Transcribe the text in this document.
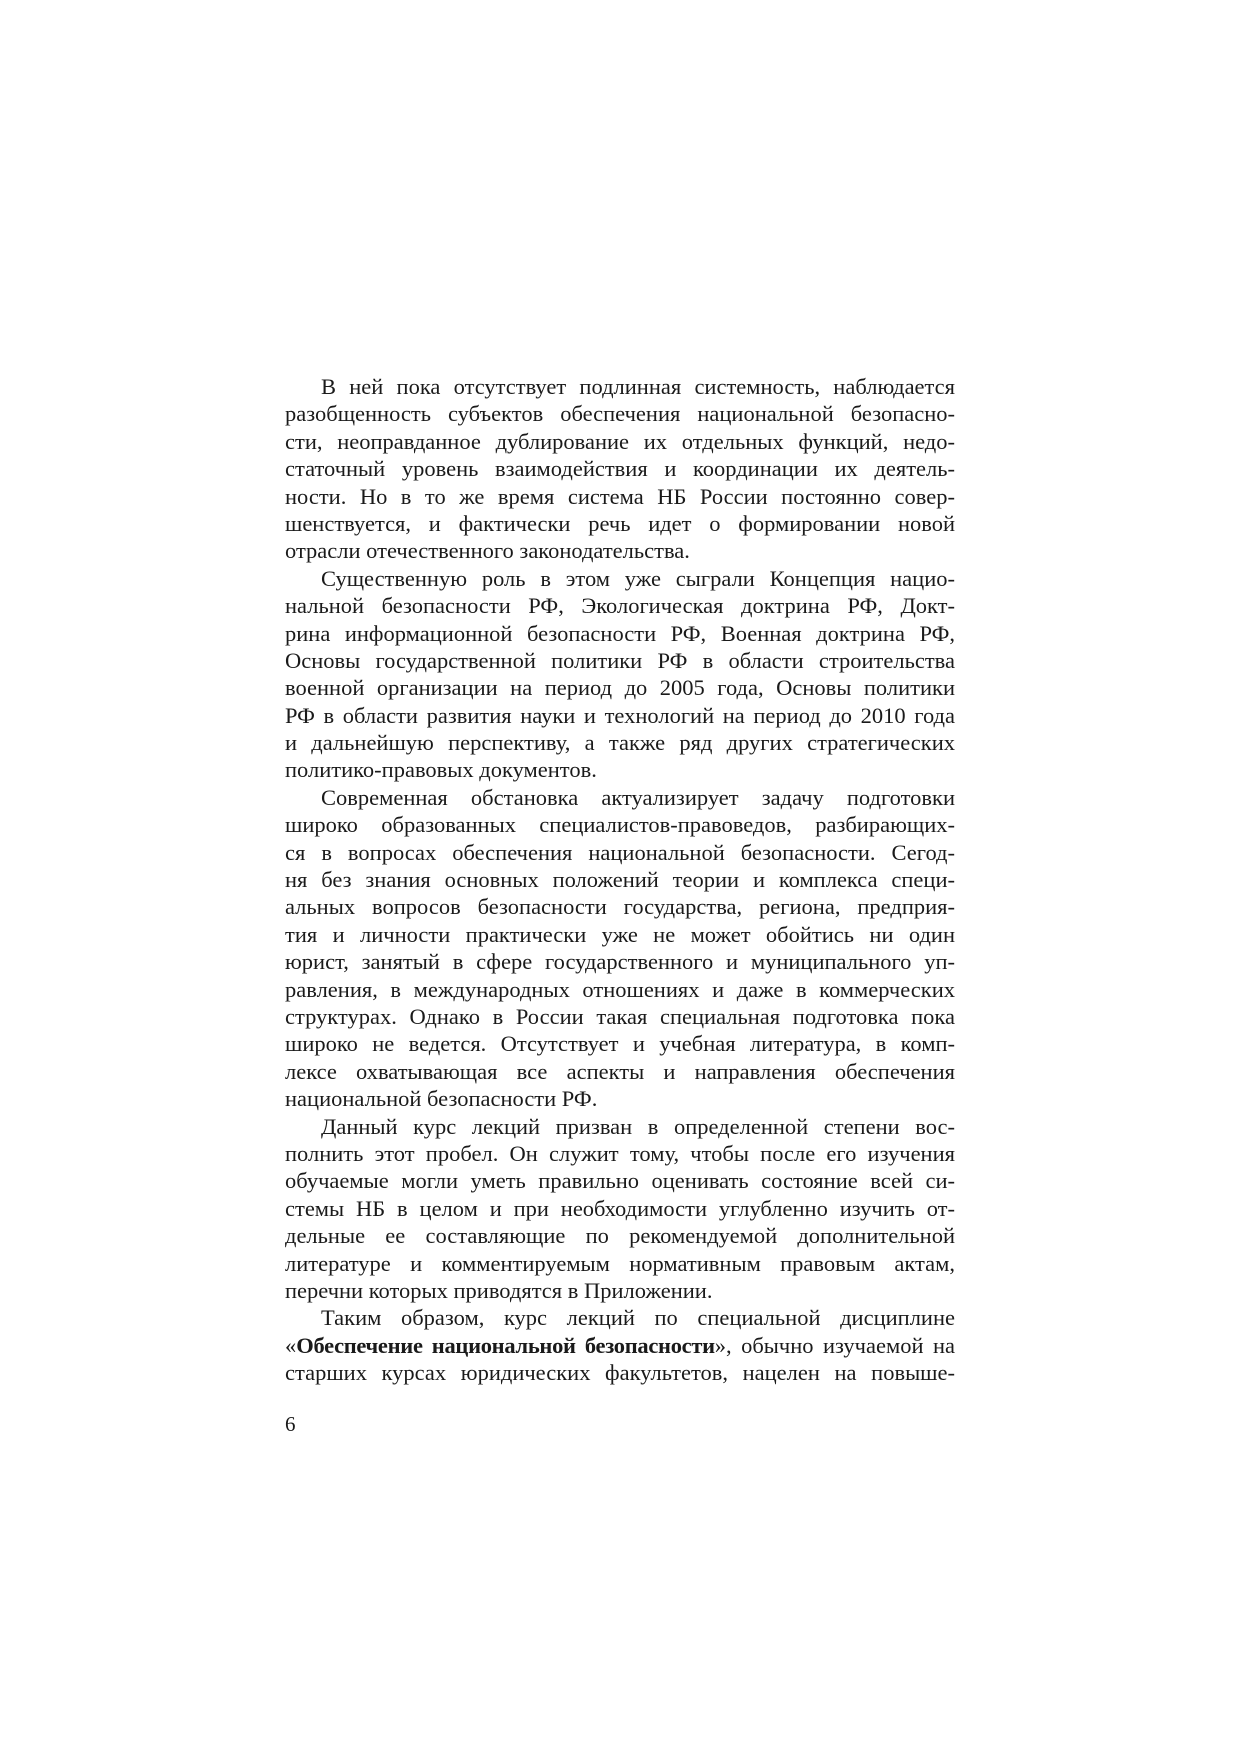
В ней пока отсутствует подлинная системность, наблюдается
разобщенность субъектов обеспечения национальной безопасно-
сти, неоправданное дублирование их отдельных функций, недо-
статочный уровень взаимодействия и координации их деятель-
ности. Но в то же время система НБ России постоянно совер-
шенствуется, и фактически речь идет о формировании новой
отрасли отечественного законодательства.
Существенную роль в этом уже сыграли Концепция нацио-
нальной безопасности РФ, Экологическая доктрина РФ, Докт-
рина информационной безопасности РФ, Военная доктрина РФ,
Основы государственной политики РФ в области строительства
военной организации на период до 2005 года, Основы политики
РФ в области развития науки и технологий на период до 2010 года
и дальнейшую перспективу, а также ряд других стратегических
политико-правовых документов.
Современная обстановка актуализирует задачу подготовки
широко образованных специалистов-правоведов, разбирающих-
ся в вопросах обеспечения национальной безопасности. Сегод-
ня без знания основных положений теории и комплекса специ-
альных вопросов безопасности государства, региона, предприя-
тия и личности практически уже не может обойтись ни один
юрист, занятый в сфере государственного и муниципального уп-
равления, в международных отношениях и даже в коммерческих
структурах. Однако в России такая специальная подготовка пока
широко не ведется. Отсутствует и учебная литература, в комп-
лексе охватывающая все аспекты и направления обеспечения
национальной безопасности РФ.
Данный курс лекций призван в определенной степени вос-
полнить этот пробел. Он служит тому, чтобы после его изучения
обучаемые могли уметь правильно оценивать состояние всей си-
стемы НБ в целом и при необходимости углубленно изучить от-
дельные ее составляющие по рекомендуемой дополнительной
литературе и комментируемым нормативным правовым актам,
перечни которых приводятся в Приложении.
Таким образом, курс лекций по специальной дисциплине
«Обеспечение национальной безопасности», обычно изучаемой на
старших курсах юридических факультетов, нацелен на повыше-
6
